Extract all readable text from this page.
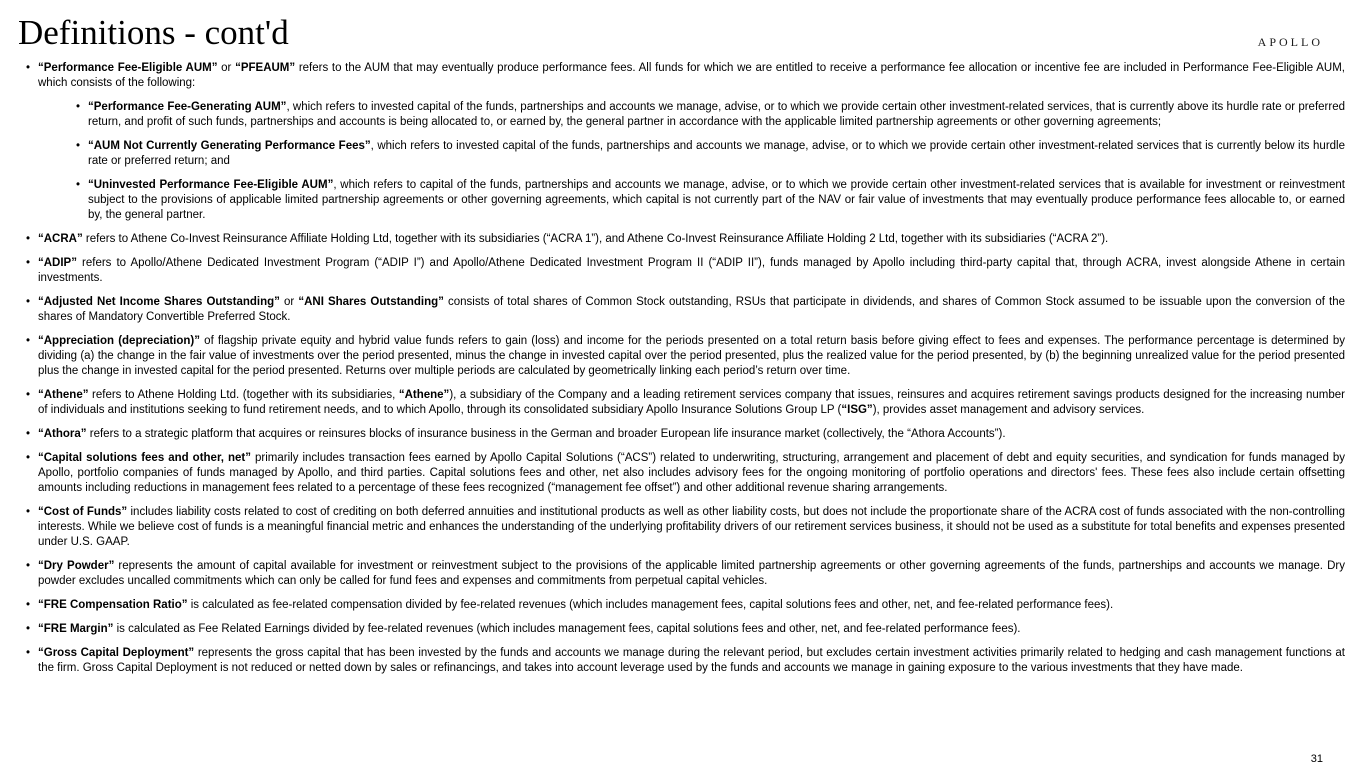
Definitions - cont'd	APOLLO
• “Performance Fee-Eligible AUM” or “PFEAUM” refers to the AUM that may eventually produce performance fees. All funds for which we are entitled to receive a performance fee allocation or incentive fee are included in Performance Fee-Eligible AUM, which consists of the following:
• “Performance Fee-Generating AUM”, which refers to invested capital of the funds, partnerships and accounts we manage, advise, or to which we provide certain other investment-related services, that is currently above its hurdle rate or preferred return, and profit of such funds, partnerships and accounts is being allocated to, or earned by, the general partner in accordance with the applicable limited partnership agreements or other governing agreements;
• “AUM Not Currently Generating Performance Fees”, which refers to invested capital of the funds, partnerships and accounts we manage, advise, or to which we provide certain other investment-related services that is currently below its hurdle rate or preferred return; and
• “Uninvested Performance Fee-Eligible AUM”, which refers to capital of the funds, partnerships and accounts we manage, advise, or to which we provide certain other investment-related services that is available for investment or reinvestment subject to the provisions of applicable limited partnership agreements or other governing agreements, which capital is not currently part of the NAV or fair value of investments that may eventually produce performance fees allocable to, or earned by, the general partner.
• “ACRA” refers to Athene Co-Invest Reinsurance Affiliate Holding Ltd, together with its subsidiaries (“ACRA 1”), and Athene Co-Invest Reinsurance Affiliate Holding 2 Ltd, together with its subsidiaries (“ACRA 2”).
• “ADIP” refers to Apollo/Athene Dedicated Investment Program (“ADIP I”) and Apollo/Athene Dedicated Investment Program II (“ADIP II”), funds managed by Apollo including third-party capital that, through ACRA, invest alongside Athene in certain investments.
• “Adjusted Net Income Shares Outstanding” or “ANI Shares Outstanding” consists of total shares of Common Stock outstanding, RSUs that participate in dividends, and shares of Common Stock assumed to be issuable upon the conversion of the shares of Mandatory Convertible Preferred Stock.
• “Appreciation (depreciation)” of flagship private equity and hybrid value funds refers to gain (loss) and income for the periods presented on a total return basis before giving effect to fees and expenses. The performance percentage is determined by dividing (a) the change in the fair value of investments over the period presented, minus the change in invested capital over the period presented, plus the realized value for the period presented, by (b) the beginning unrealized value for the period presented plus the change in invested capital for the period presented. Returns over multiple periods are calculated by geometrically linking each period’s return over time.
• “Athene” refers to Athene Holding Ltd. (together with its subsidiaries, “Athene”), a subsidiary of the Company and a leading retirement services company that issues, reinsures and acquires retirement savings products designed for the increasing number of individuals and institutions seeking to fund retirement needs, and to which Apollo, through its consolidated subsidiary Apollo Insurance Solutions Group LP (“ISG”), provides asset management and advisory services.
• “Athora” refers to a strategic platform that acquires or reinsures blocks of insurance business in the German and broader European life insurance market (collectively, the “Athora Accounts”).
• “Capital solutions fees and other, net” primarily includes transaction fees earned by Apollo Capital Solutions (“ACS”) related to underwriting, structuring, arrangement and placement of debt and equity securities, and syndication for funds managed by Apollo, portfolio companies of funds managed by Apollo, and third parties. Capital solutions fees and other, net also includes advisory fees for the ongoing monitoring of portfolio operations and directors' fees. These fees also include certain offsetting amounts including reductions in management fees related to a percentage of these fees recognized (“management fee offset”) and other additional revenue sharing arrangements.
• “Cost of Funds” includes liability costs related to cost of crediting on both deferred annuities and institutional products as well as other liability costs, but does not include the proportionate share of the ACRA cost of funds associated with the non-controlling interests. While we believe cost of funds is a meaningful financial metric and enhances the understanding of the underlying profitability drivers of our retirement services business, it should not be used as a substitute for total benefits and expenses presented under U.S. GAAP.
• “Dry Powder” represents the amount of capital available for investment or reinvestment subject to the provisions of the applicable limited partnership agreements or other governing agreements of the funds, partnerships and accounts we manage. Dry powder excludes uncalled commitments which can only be called for fund fees and expenses and commitments from perpetual capital vehicles.
• “FRE Compensation Ratio” is calculated as fee-related compensation divided by fee-related revenues (which includes management fees, capital solutions fees and other, net, and fee-related performance fees).
• “FRE Margin” is calculated as Fee Related Earnings divided by fee-related revenues (which includes management fees, capital solutions fees and other, net, and fee-related performance fees).
• “Gross Capital Deployment” represents the gross capital that has been invested by the funds and accounts we manage during the relevant period, but excludes certain investment activities primarily related to hedging and cash management functions at the firm. Gross Capital Deployment is not reduced or netted down by sales or refinancings, and takes into account leverage used by the funds and accounts we manage in gaining exposure to the various investments that they have made.
31
